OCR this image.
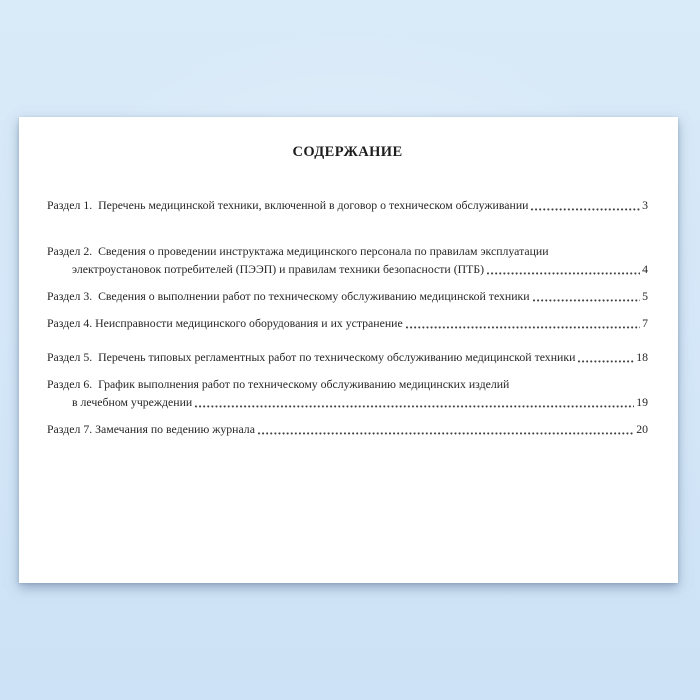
СОДЕРЖАНИЕ
Раздел 1.  Перечень медицинской техники, включенной в договор о техническом обслуживании	3
Раздел 2.  Сведения о проведении инструктажа медицинского персонала по правилам эксплуатации
электроустановок потребителей (ПЭЭП) и правилам техники безопасности (ПТБ)	4
Раздел 3.  Сведения о выполнении работ по техническому обслуживанию медицинской техники	5
Раздел 4. Неисправности медицинского оборудования и их устранение	7
Раздел 5.  Перечень типовых регламентных работ по техническому обслуживанию медицинской техники	18
Раздел 6.  График выполнения работ по техническому обслуживанию медицинских изделий
в лечебном учреждении	19
Раздел 7. Замечания по ведению журнала	20
